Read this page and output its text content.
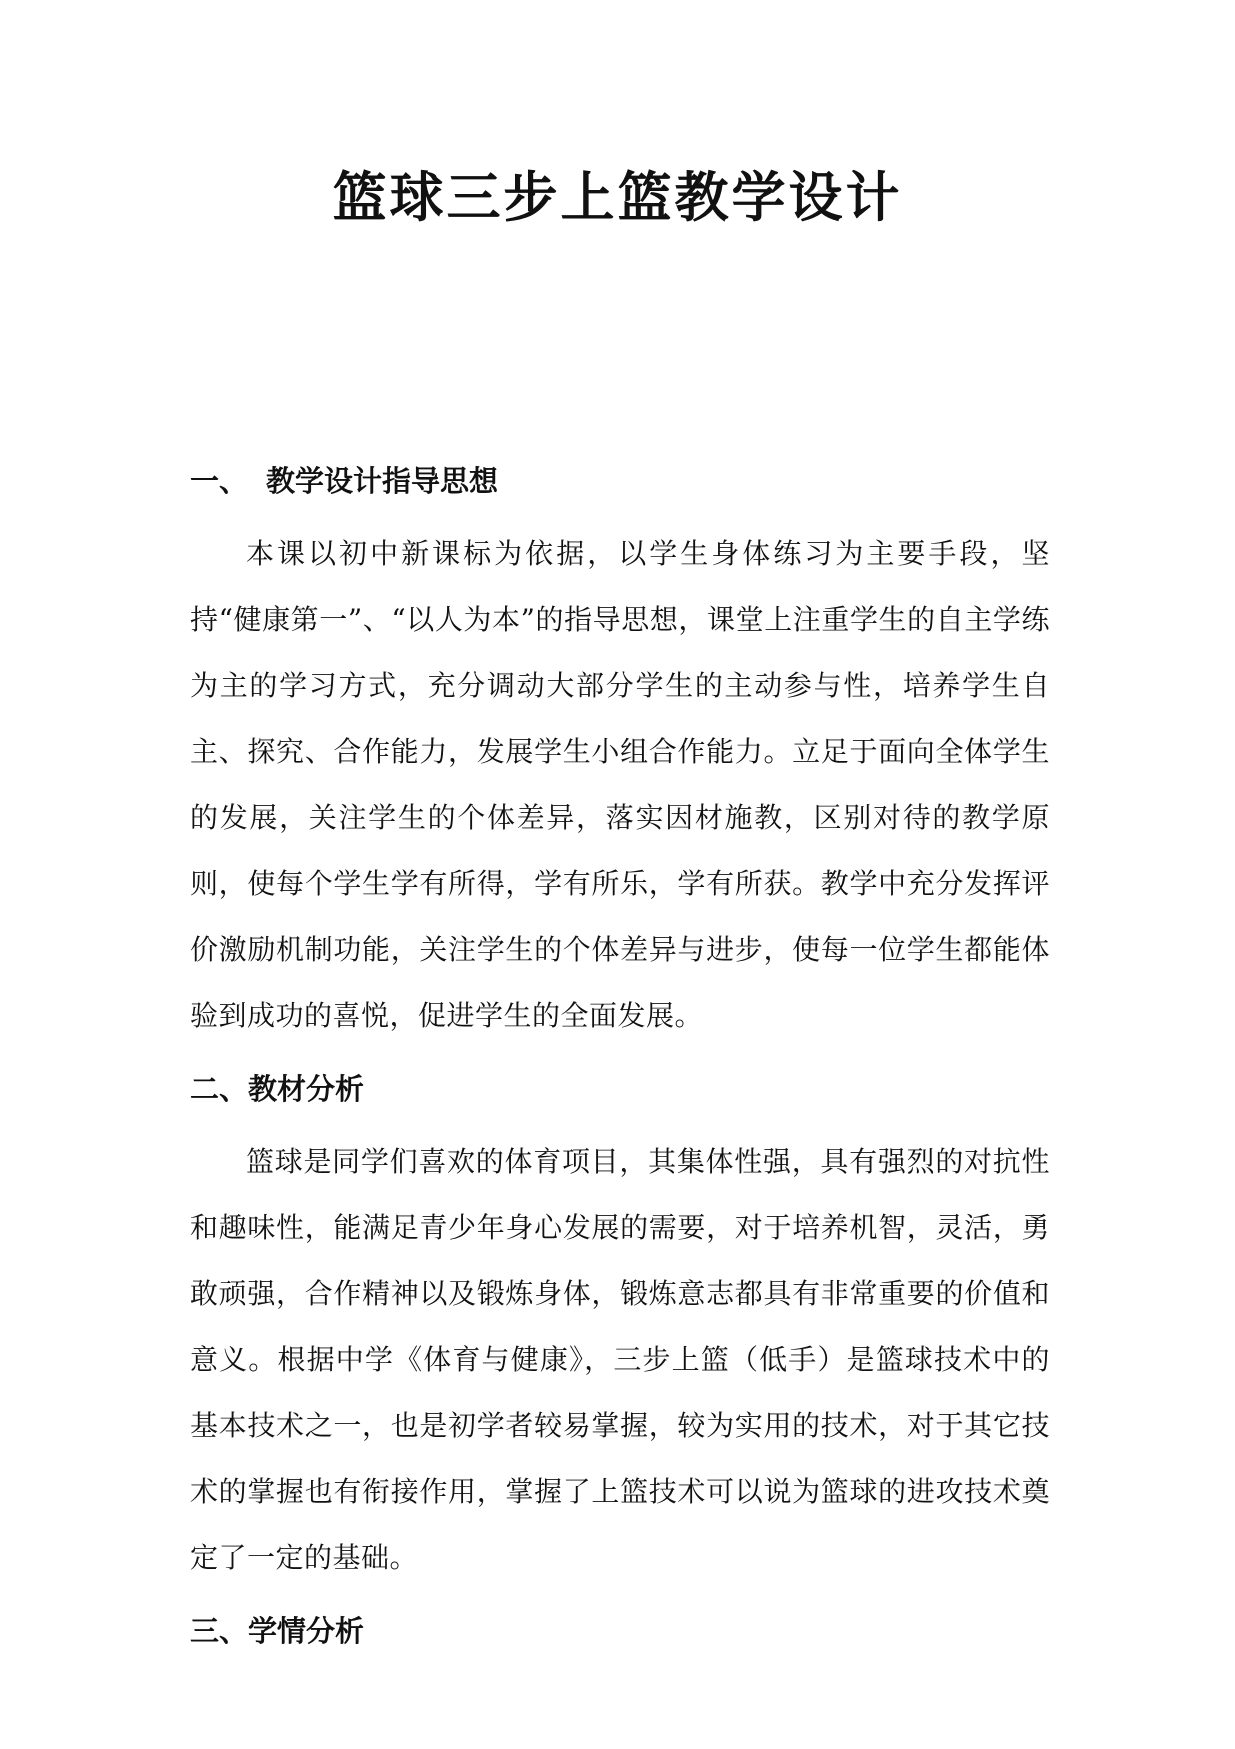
篮球三步上篮教学设计
一、 教学设计指导思想

本课以初中新课标为依据，以学生身体练习为主要手段，坚持“健康第一”、“以人为本”的指导思想，课堂上注重学生的自主学练为主的学习方式，充分调动大部分学生的主动参与性，培养学生自主、探究、合作能力，发展学生小组合作能力。立足于面向全体学生的发展，关注学生的个体差异，落实因材施教，区别对待的教学原则，使每个学生学有所得，学有所乐，学有所获。教学中充分发挥评价激励机制功能，关注学生的个体差异与进步，使每一位学生都能体验到成功的喜悦，促进学生的全面发展。

二、教材分析

篮球是同学们喜欢的体育项目，其集体性强，具有强烈的对抗性和趣味性，能满足青少年身心发展的需要，对于培养机智，灵活，勇敢顽强，合作精神以及锻炼身体，锻炼意志都具有非常重要的价值和意义。根据中学《体育与健康》，三步上篮（低手）是篮球技术中的基本技术之一，也是初学者较易掌握，较为实用的技术，对于其它技术的掌握也有衔接作用，掌握了上篮技术可以说为篮球的进攻技术奠定了一定的基础。

三、学情分析
